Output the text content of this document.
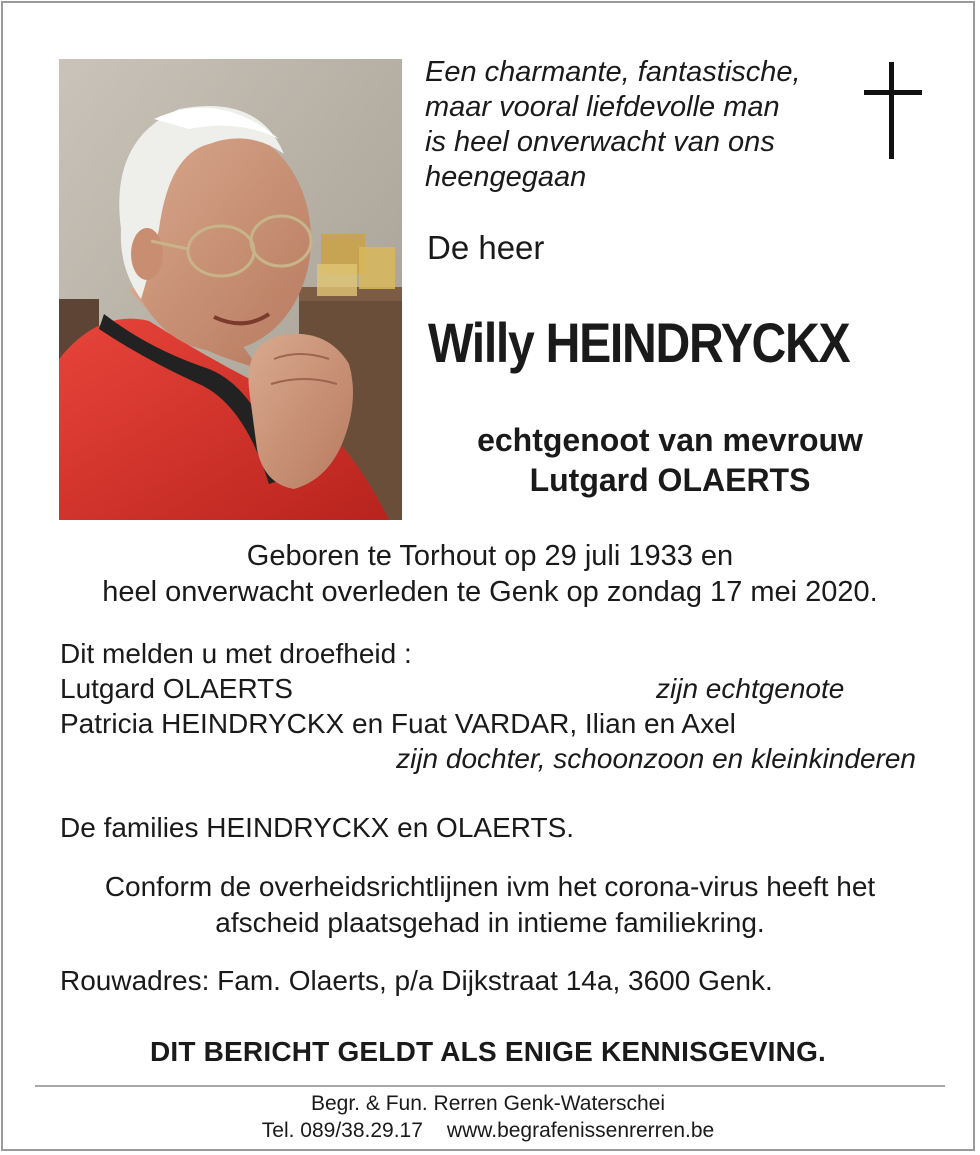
Een charmante, fantastische,
maar vooral liefdevolle man
is heel onverwacht van ons
heengegaan
De heer
Willy HEINDRYCKX
echtgenoot van mevrouw
Lutgard OLAERTS
Geboren te Torhout op 29 juli 1933 en
heel onverwacht overleden te Genk op zondag 17 mei 2020.
Dit melden u met droefheid :
Lutgard OLAERTS	zijn echtgenote
Patricia HEINDRYCKX en Fuat VARDAR, Ilian en Axel
zijn dochter, schoonzoon en kleinkinderen
De families HEINDRYCKX en OLAERTS.
Conform de overheidsrichtlijnen ivm het corona-virus heeft het
afscheid plaatsgehad in intieme familiekring.
Rouwadres: Fam. Olaerts, p/a Dijkstraat 14a, 3600 Genk.
DIT BERICHT GELDT ALS ENIGE KENNISGEVING.
Begr. & Fun. Rerren Genk-Waterschei
Tel. 089/38.29.17 www.begrafenissenrerren.be
